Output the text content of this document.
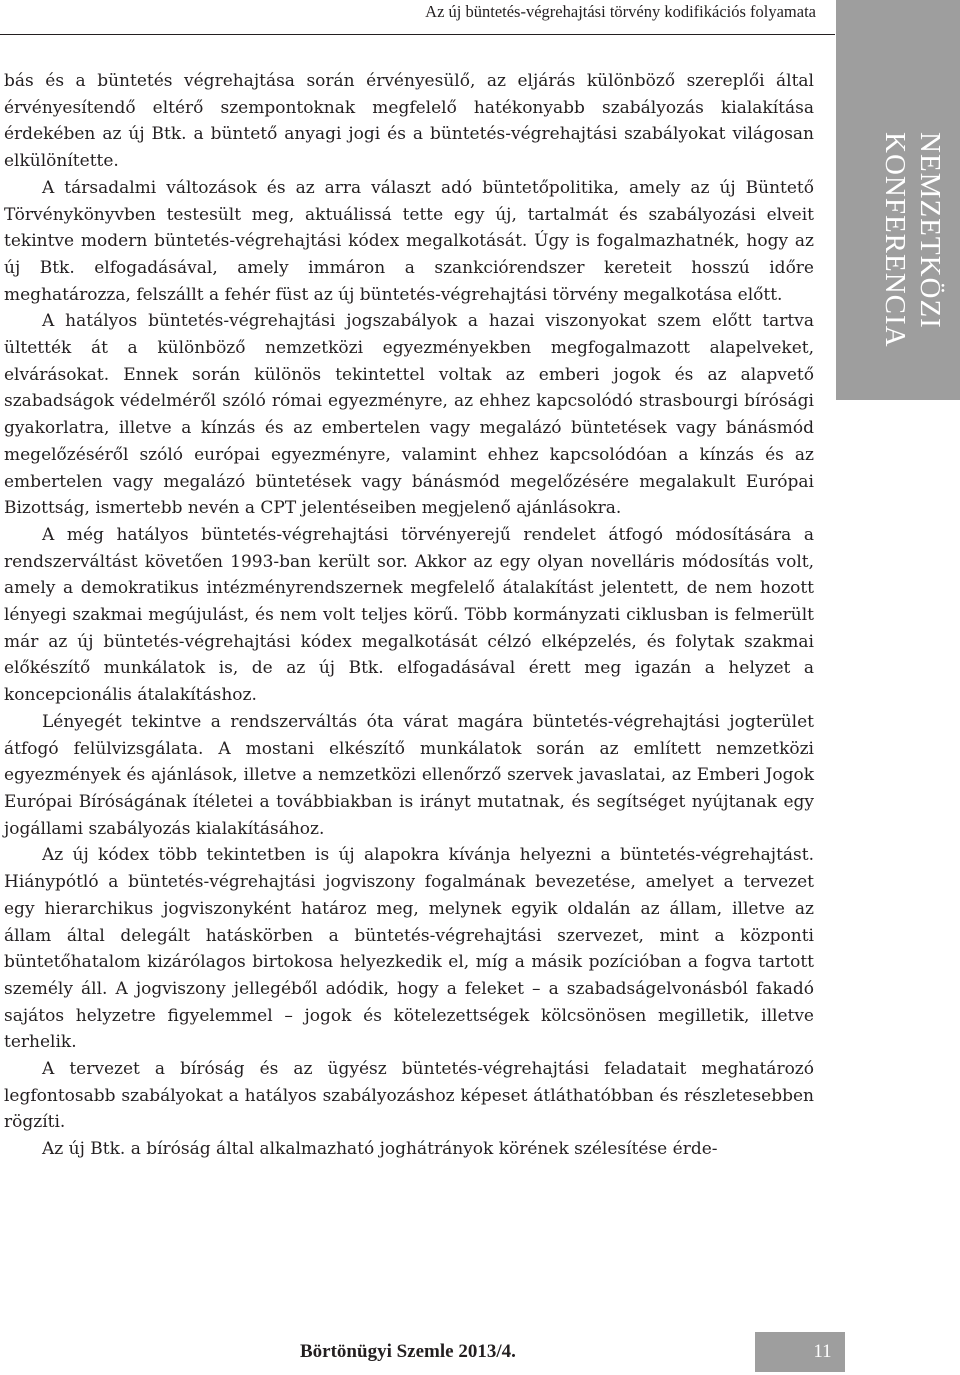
Az új büntetés-végrehajtási törvény kodifikációs folyamata
NEMZETKÖZI
KONFERENCIA

bás és a büntetés végrehajtása során érvényesülő, az eljárás különböző szereplői által érvényesítendő eltérő szempontoknak megfelelő hatékonyabb szabályozás kialakítása érdekében az új Btk. a büntető anyagi jogi és a büntetés-végrehajtási szabályokat világosan elkülönítette.

A társadalmi változások és az arra választ adó büntetőpolitika, amely az új Büntető Törvénykönyvben testesült meg, aktuálissá tette egy új, tartalmát és szabályozási elveit tekintve modern büntetés-végrehajtási kódex megalkotását. Úgy is fogalmazhatnék, hogy az új Btk. elfogadásával, amely immáron a szankciórendszer kereteit hosszú időre meghatározza, felszállt a fehér füst az új büntetés-végrehajtási törvény megalkotása előtt.

A hatályos büntetés-végrehajtási jogszabályok a hazai viszonyokat szem előtt tartva ültették át a különböző nemzetközi egyezményekben megfogalmazott alapelveket, elvárásokat. Ennek során különös tekintettel voltak az emberi jogok és az alapvető szabadságok védelméről szóló római egyezményre, az ehhez kapcsolódó strasbourgi bírósági gyakorlatra, illetve a kínzás és az embertelen vagy megalázó büntetések vagy bánásmód megelőzéséről szóló európai egyezményre, valamint ehhez kapcsolódóan a kínzás és az embertelen vagy megalázó büntetések vagy bánásmód megelőzésére megalakult Európai Bizottság, ismertebb nevén a CPT jelentéseiben megjelenő ajánlásokra.

A még hatályos büntetés-végrehajtási törvényerejű rendelet átfogó módosítására a rendszerváltást követően 1993-ban került sor. Akkor az egy olyan novelláris módosítás volt, amely a demokratikus intézményrendszernek megfelelő átalakítást jelentett, de nem hozott lényegi szakmai megújulást, és nem volt teljes körű. Több kormányzati ciklusban is felmerült már az új büntetés-végrehajtási kódex megalkotását célzó elképzelés, és folytak szakmai előkészítő munkálatok is, de az új Btk. elfogadásával érett meg igazán a helyzet a koncepcionális átalakításhoz.

Lényegét tekintve a rendszerváltás óta várat magára büntetés-végrehajtási jogterület átfogó felülvizsgálata. A mostani elkészítő munkálatok során az említett nemzetközi egyezmények és ajánlások, illetve a nemzetközi ellenőrző szervek javaslatai, az Emberi Jogok Európai Bíróságának ítéletei a továbbiakban is irányt mutatnak, és segítséget nyújtanak egy jogállami szabályozás kialakításához.

Az új kódex több tekintetben is új alapokra kívánja helyezni a büntetés-végrehajtást. Hiánypótló a büntetés-végrehajtási jogviszony fogalmának bevezetése, amelyet a tervezet egy hierarchikus jogviszonyként határoz meg, melynek egyik oldalán az állam, illetve az állam által delegált hatáskörben a büntetés-végrehajtási szervezet, mint a központi büntetőhatalom kizárólagos birtokosa helyezkedik el, míg a másik pozícióban a fogva tartott személy áll. A jogviszony jellegéből adódik, hogy a feleket – a szabadságelvonásból fakadó sajátos helyzetre figyelemmel – jogok és kötelezettségek kölcsönösen megilletik, illetve terhelik.

A tervezet a bíróság és az ügyész büntetés-végrehajtási feladatait meghatározó legfontosabb szabályokat a hatályos szabályozáshoz képeset átláthatóbban és részletesebben rögzíti.

Az új Btk. a bíróság által alkalmazható joghátrányok körének szélesítése érde-

Börtönügyi Szemle 2013/4.	11
